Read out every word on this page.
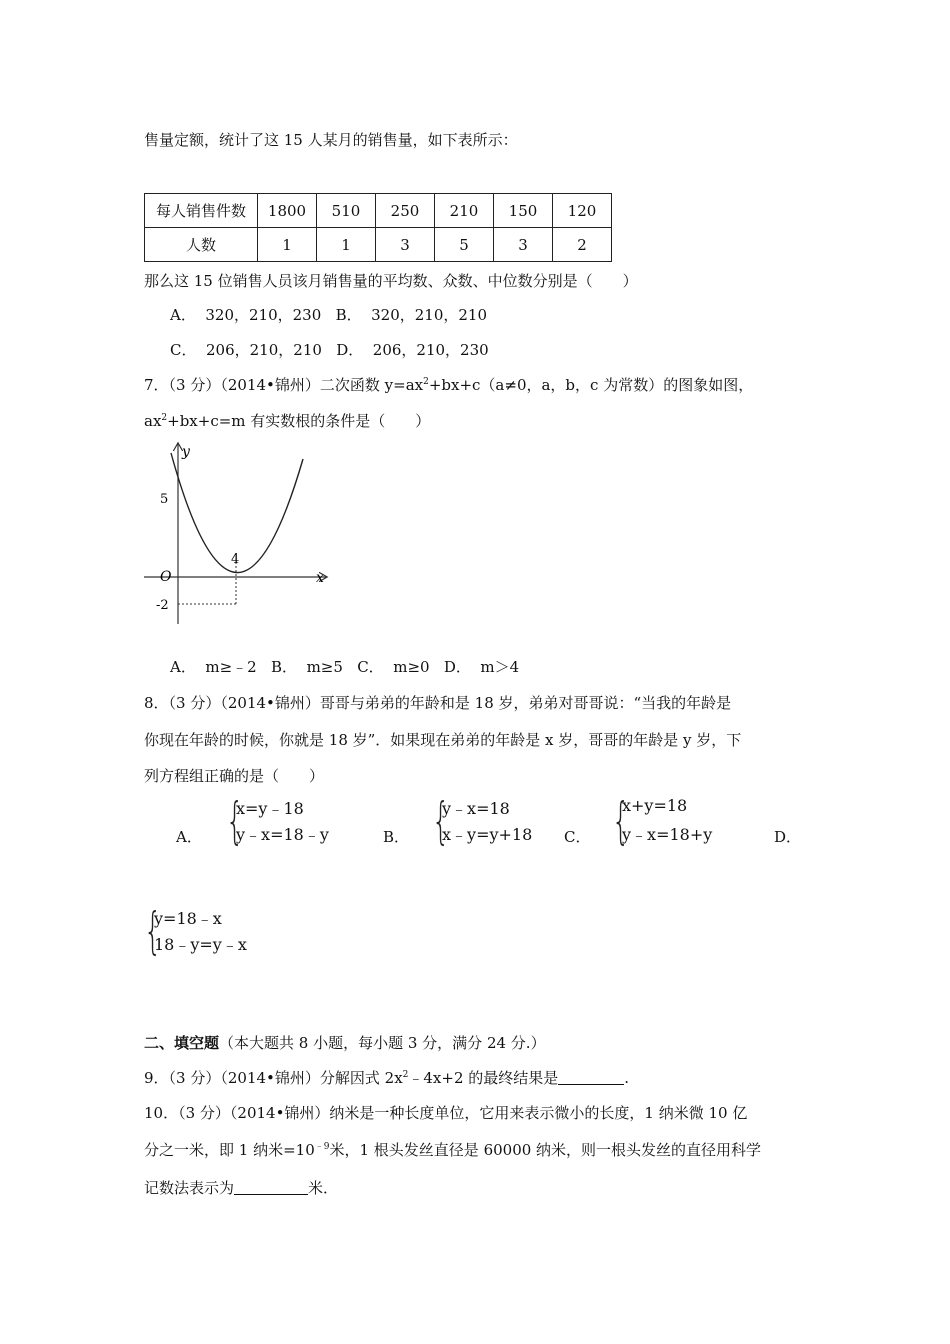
售量定额，统计了这 15 人某月的销售量，如下表所示：
每人销售件数	1800	510	250	210	150	120
人数	1	1	3	5	3	2
那么这 15 位销售人员该月销售量的平均数、众数、中位数分别是（　　）
A．  320，210，230   B．  320，210，210
C．  206，210，210   D．  206，210，230
7．（3 分）（2014•锦州）二次函数 $y=ax^2+bx+c(a\ne 0$，a，b，c 为常数）的图象如图，
$ax^2+bx+c=m$ 有实数根的条件是（　　）
y
x
O
5
4
-2
A．  m≥﹣2   B．  m≥5   C．  m≥0   D．  m＞4
8．（3 分）（2014•锦州）哥哥与弟弟的年龄和是 18 岁，弟弟对哥哥说：“当我的年龄是
你现在年龄的时候，你就是 18 岁”．如果现在弟弟的年龄是 x 岁，哥哥的年龄是 y 岁，下
列方程组正确的是（　　）
A． {
x=y﹣18
y﹣x=18﹣y	B． {
y﹣x=18
x﹣y=y+18 C． {
x+y=18
y﹣x=18+y	D．
{
y=18﹣x
18﹣y=y﹣x
二、填空题（本大题共 8 小题，每小题 3 分，满分 24 分.）
9．（3 分）（2014•锦州）分解因式 $2x^2﹣4x+2$ 的最终结果是	.
10．（3 分）（2014•锦州）纳米是一种长度单位，它用来表示微小的长度，1 纳米微 10 亿
分之一米，即 1 纳米$=10^{﹣9}$米，1 根头发丝直径是 60000 纳米，则一根头发丝的直径用科学
记数法表示为	米．
